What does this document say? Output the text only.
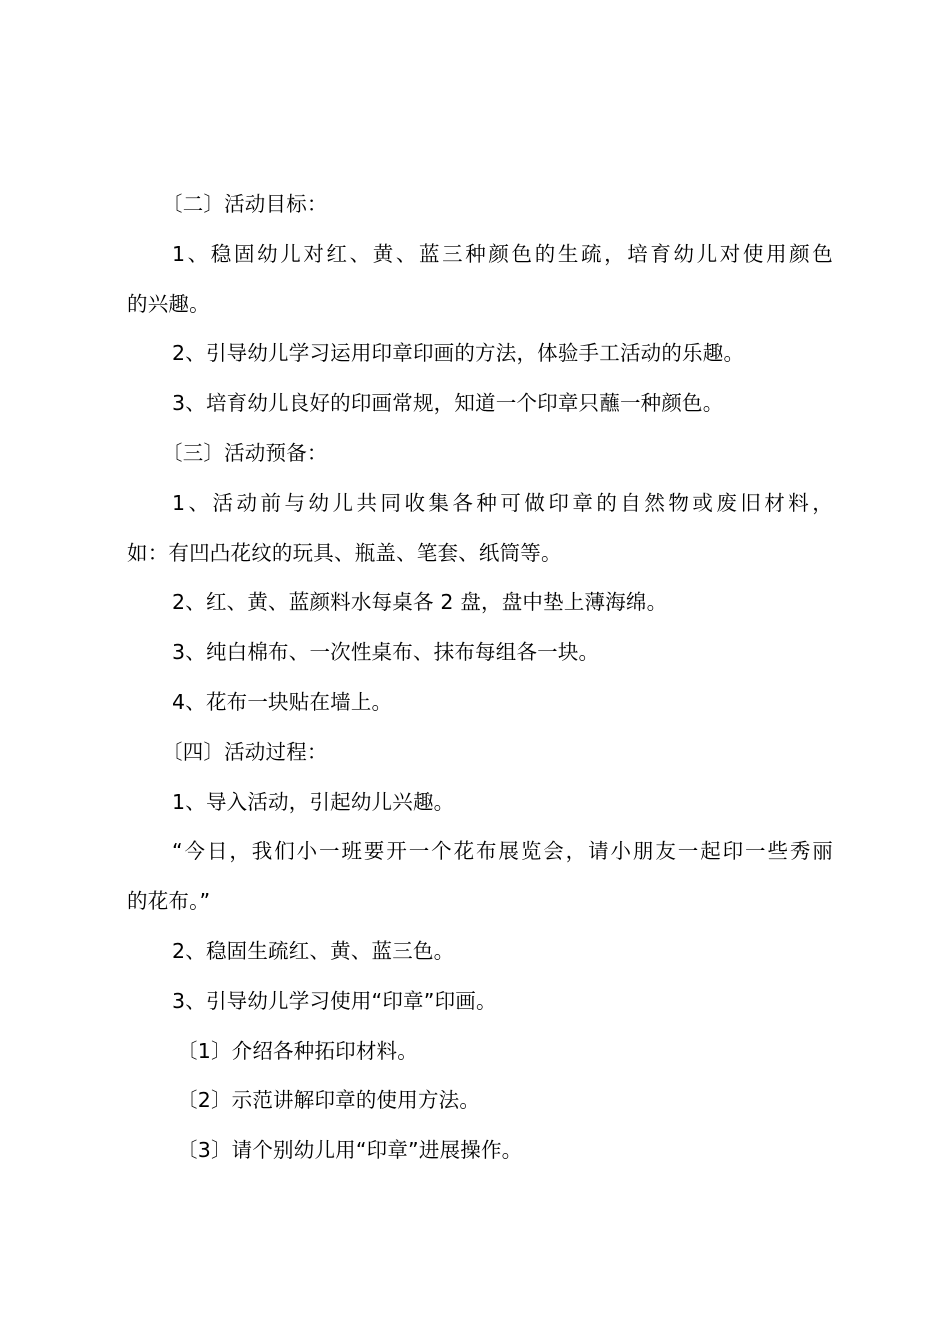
〔二〕活动目标：
1、稳固幼儿对红、黄、蓝三种颜色的生疏，培育幼儿对使用颜色
的兴趣。
2、引导幼儿学习运用印章印画的方法，体验手工活动的乐趣。
3、培育幼儿良好的印画常规，知道一个印章只蘸一种颜色。
〔三〕活动预备：
1、活动前与幼儿共同收集各种可做印章的自然物或废旧材料，
如：有凹凸花纹的玩具、瓶盖、笔套、纸筒等。
2、红、黄、蓝颜料水每桌各 2 盘，盘中垫上薄海绵。
3、纯白棉布、一次性桌布、抹布每组各一块。
4、花布一块贴在墙上。
〔四〕活动过程：
1、导入活动，引起幼儿兴趣。
“今日，我们小一班要开一个花布展览会，请小朋友一起印一些秀丽
的花布。”
2、稳固生疏红、黄、蓝三色。
3、引导幼儿学习使用“印章”印画。
〔1〕介绍各种拓印材料。
〔2〕示范讲解印章的使用方法。
〔3〕请个别幼儿用“印章”进展操作。
